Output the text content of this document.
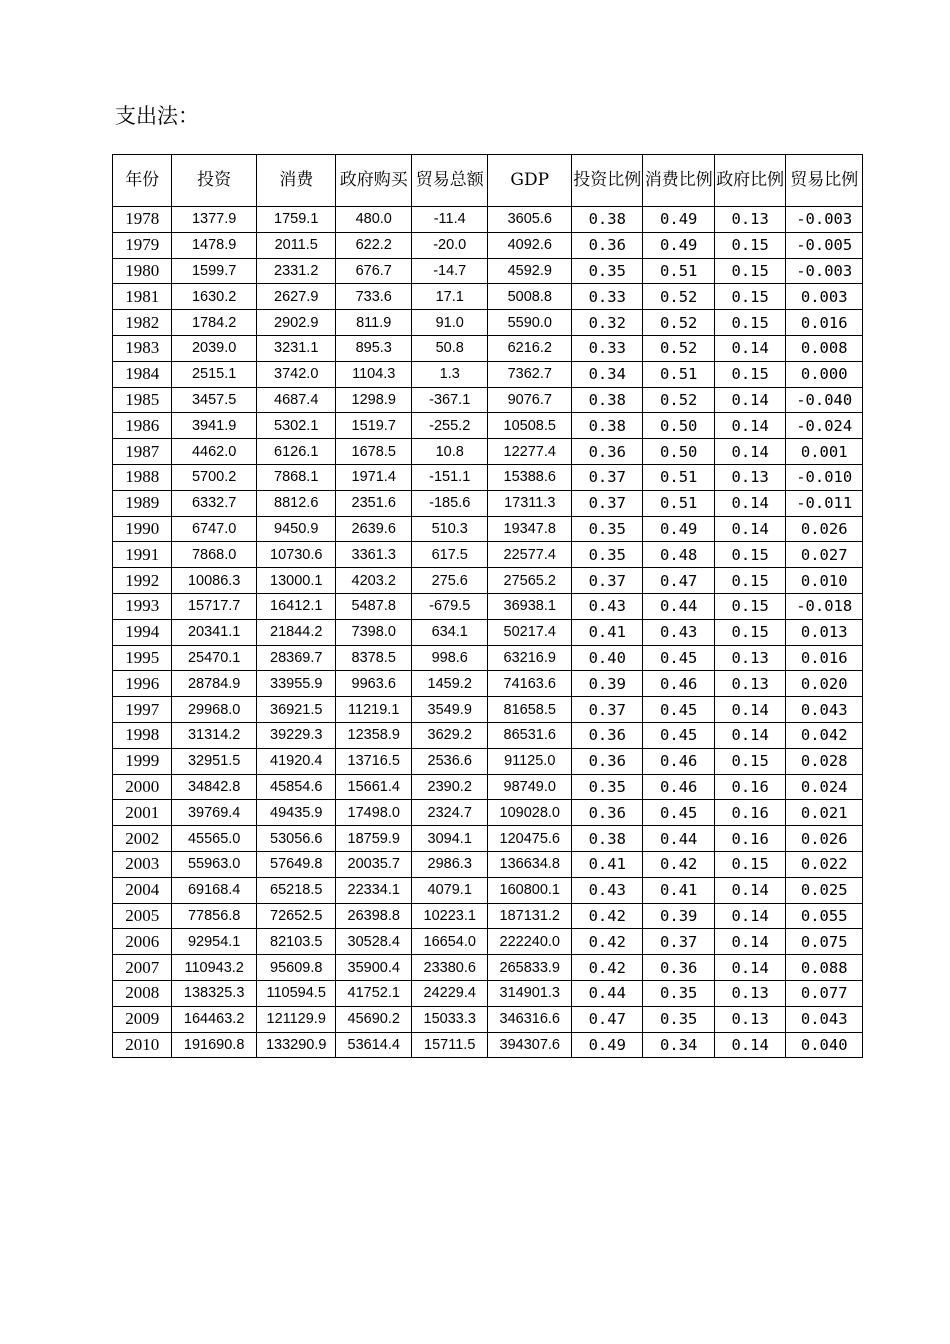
支出法：
年份	投资	消费	政府购买	贸易总额	GDP	投资比例	消费比例	政府比例	贸易比例
1978	1377.9	1759.1	480.0	-11.4	3605.6	0.38	0.49	0.13	-0.003
1979	1478.9	2011.5	622.2	-20.0	4092.6	0.36	0.49	0.15	-0.005
1980	1599.7	2331.2	676.7	-14.7	4592.9	0.35	0.51	0.15	-0.003
1981	1630.2	2627.9	733.6	17.1	5008.8	0.33	0.52	0.15	0.003
1982	1784.2	2902.9	811.9	91.0	5590.0	0.32	0.52	0.15	0.016
1983	2039.0	3231.1	895.3	50.8	6216.2	0.33	0.52	0.14	0.008
1984	2515.1	3742.0	1104.3	1.3	7362.7	0.34	0.51	0.15	0.000
1985	3457.5	4687.4	1298.9	-367.1	9076.7	0.38	0.52	0.14	-0.040
1986	3941.9	5302.1	1519.7	-255.2	10508.5	0.38	0.50	0.14	-0.024
1987	4462.0	6126.1	1678.5	10.8	12277.4	0.36	0.50	0.14	0.001
1988	5700.2	7868.1	1971.4	-151.1	15388.6	0.37	0.51	0.13	-0.010
1989	6332.7	8812.6	2351.6	-185.6	17311.3	0.37	0.51	0.14	-0.011
1990	6747.0	9450.9	2639.6	510.3	19347.8	0.35	0.49	0.14	0.026
1991	7868.0	10730.6	3361.3	617.5	22577.4	0.35	0.48	0.15	0.027
1992	10086.3	13000.1	4203.2	275.6	27565.2	0.37	0.47	0.15	0.010
1993	15717.7	16412.1	5487.8	-679.5	36938.1	0.43	0.44	0.15	-0.018
1994	20341.1	21844.2	7398.0	634.1	50217.4	0.41	0.43	0.15	0.013
1995	25470.1	28369.7	8378.5	998.6	63216.9	0.40	0.45	0.13	0.016
1996	28784.9	33955.9	9963.6	1459.2	74163.6	0.39	0.46	0.13	0.020
1997	29968.0	36921.5	11219.1	3549.9	81658.5	0.37	0.45	0.14	0.043
1998	31314.2	39229.3	12358.9	3629.2	86531.6	0.36	0.45	0.14	0.042
1999	32951.5	41920.4	13716.5	2536.6	91125.0	0.36	0.46	0.15	0.028
2000	34842.8	45854.6	15661.4	2390.2	98749.0	0.35	0.46	0.16	0.024
2001	39769.4	49435.9	17498.0	2324.7	109028.0	0.36	0.45	0.16	0.021
2002	45565.0	53056.6	18759.9	3094.1	120475.6	0.38	0.44	0.16	0.026
2003	55963.0	57649.8	20035.7	2986.3	136634.8	0.41	0.42	0.15	0.022
2004	69168.4	65218.5	22334.1	4079.1	160800.1	0.43	0.41	0.14	0.025
2005	77856.8	72652.5	26398.8	10223.1	187131.2	0.42	0.39	0.14	0.055
2006	92954.1	82103.5	30528.4	16654.0	222240.0	0.42	0.37	0.14	0.075
2007	110943.2	95609.8	35900.4	23380.6	265833.9	0.42	0.36	0.14	0.088
2008	138325.3	110594.5	41752.1	24229.4	314901.3	0.44	0.35	0.13	0.077
2009	164463.2	121129.9	45690.2	15033.3	346316.6	0.47	0.35	0.13	0.043
2010	191690.8	133290.9	53614.4	15711.5	394307.6	0.49	0.34	0.14	0.040
